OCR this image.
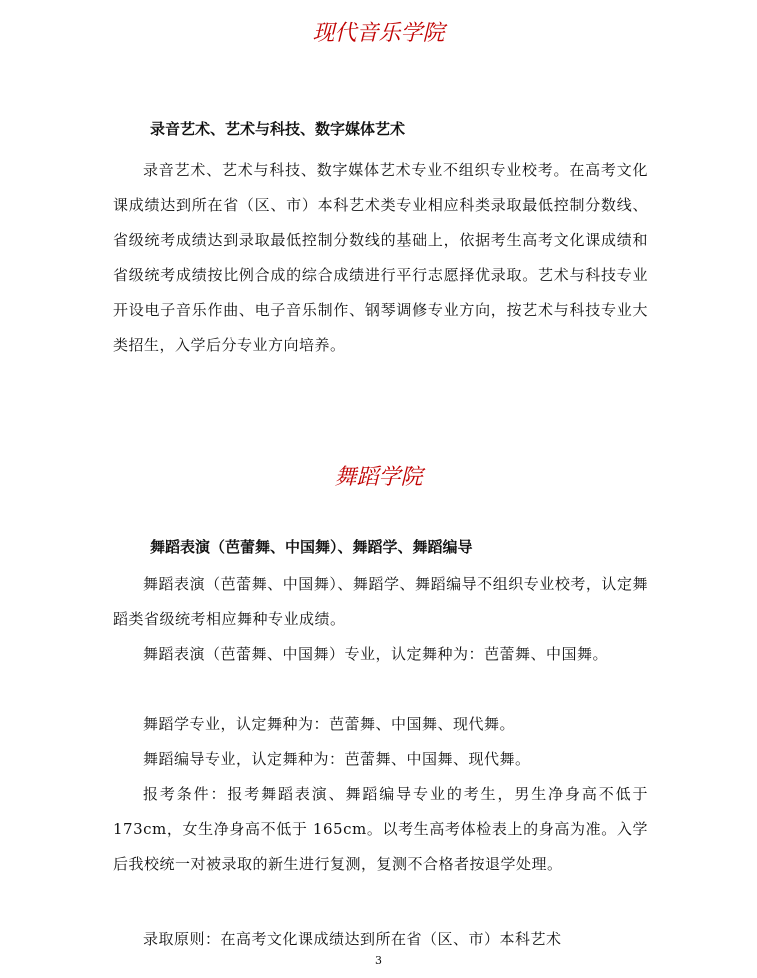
现代音乐学院
录音艺术、艺术与科技、数字媒体艺术

录音艺术、艺术与科技、数字媒体艺术专业不组织专业校考。在高考文化课成绩达到所在省（区、市）本科艺术类专业相应科类录取最低控制分数线、省级统考成绩达到录取最低控制分数线的基础上，依据考生高考文化课成绩和省级统考成绩按比例合成的综合成绩进行平行志愿择优录取。艺术与科技专业开设电子音乐作曲、电子音乐制作、钢琴调修专业方向，按艺术与科技专业大类招生，入学后分专业方向培养。

舞蹈学院
舞蹈表演（芭蕾舞、中国舞）、舞蹈学、舞蹈编导

舞蹈表演（芭蕾舞、中国舞）、舞蹈学、舞蹈编导不组织专业校考，认定舞蹈类省级统考相应舞种专业成绩。

舞蹈表演（芭蕾舞、中国舞）专业，认定舞种为：芭蕾舞、中国舞。

舞蹈学专业，认定舞种为：芭蕾舞、中国舞、现代舞。

舞蹈编导专业，认定舞种为：芭蕾舞、中国舞、现代舞。

报考条件：报考舞蹈表演、舞蹈编导专业的考生，男生净身高不低于 173cm，女生净身高不低于 165cm。以考生高考体检表上的身高为准。入学后我校统一对被录取的新生进行复测，复测不合格者按退学处理。

录取原则：在高考文化课成绩达到所在省（区、市）本科艺术

3
